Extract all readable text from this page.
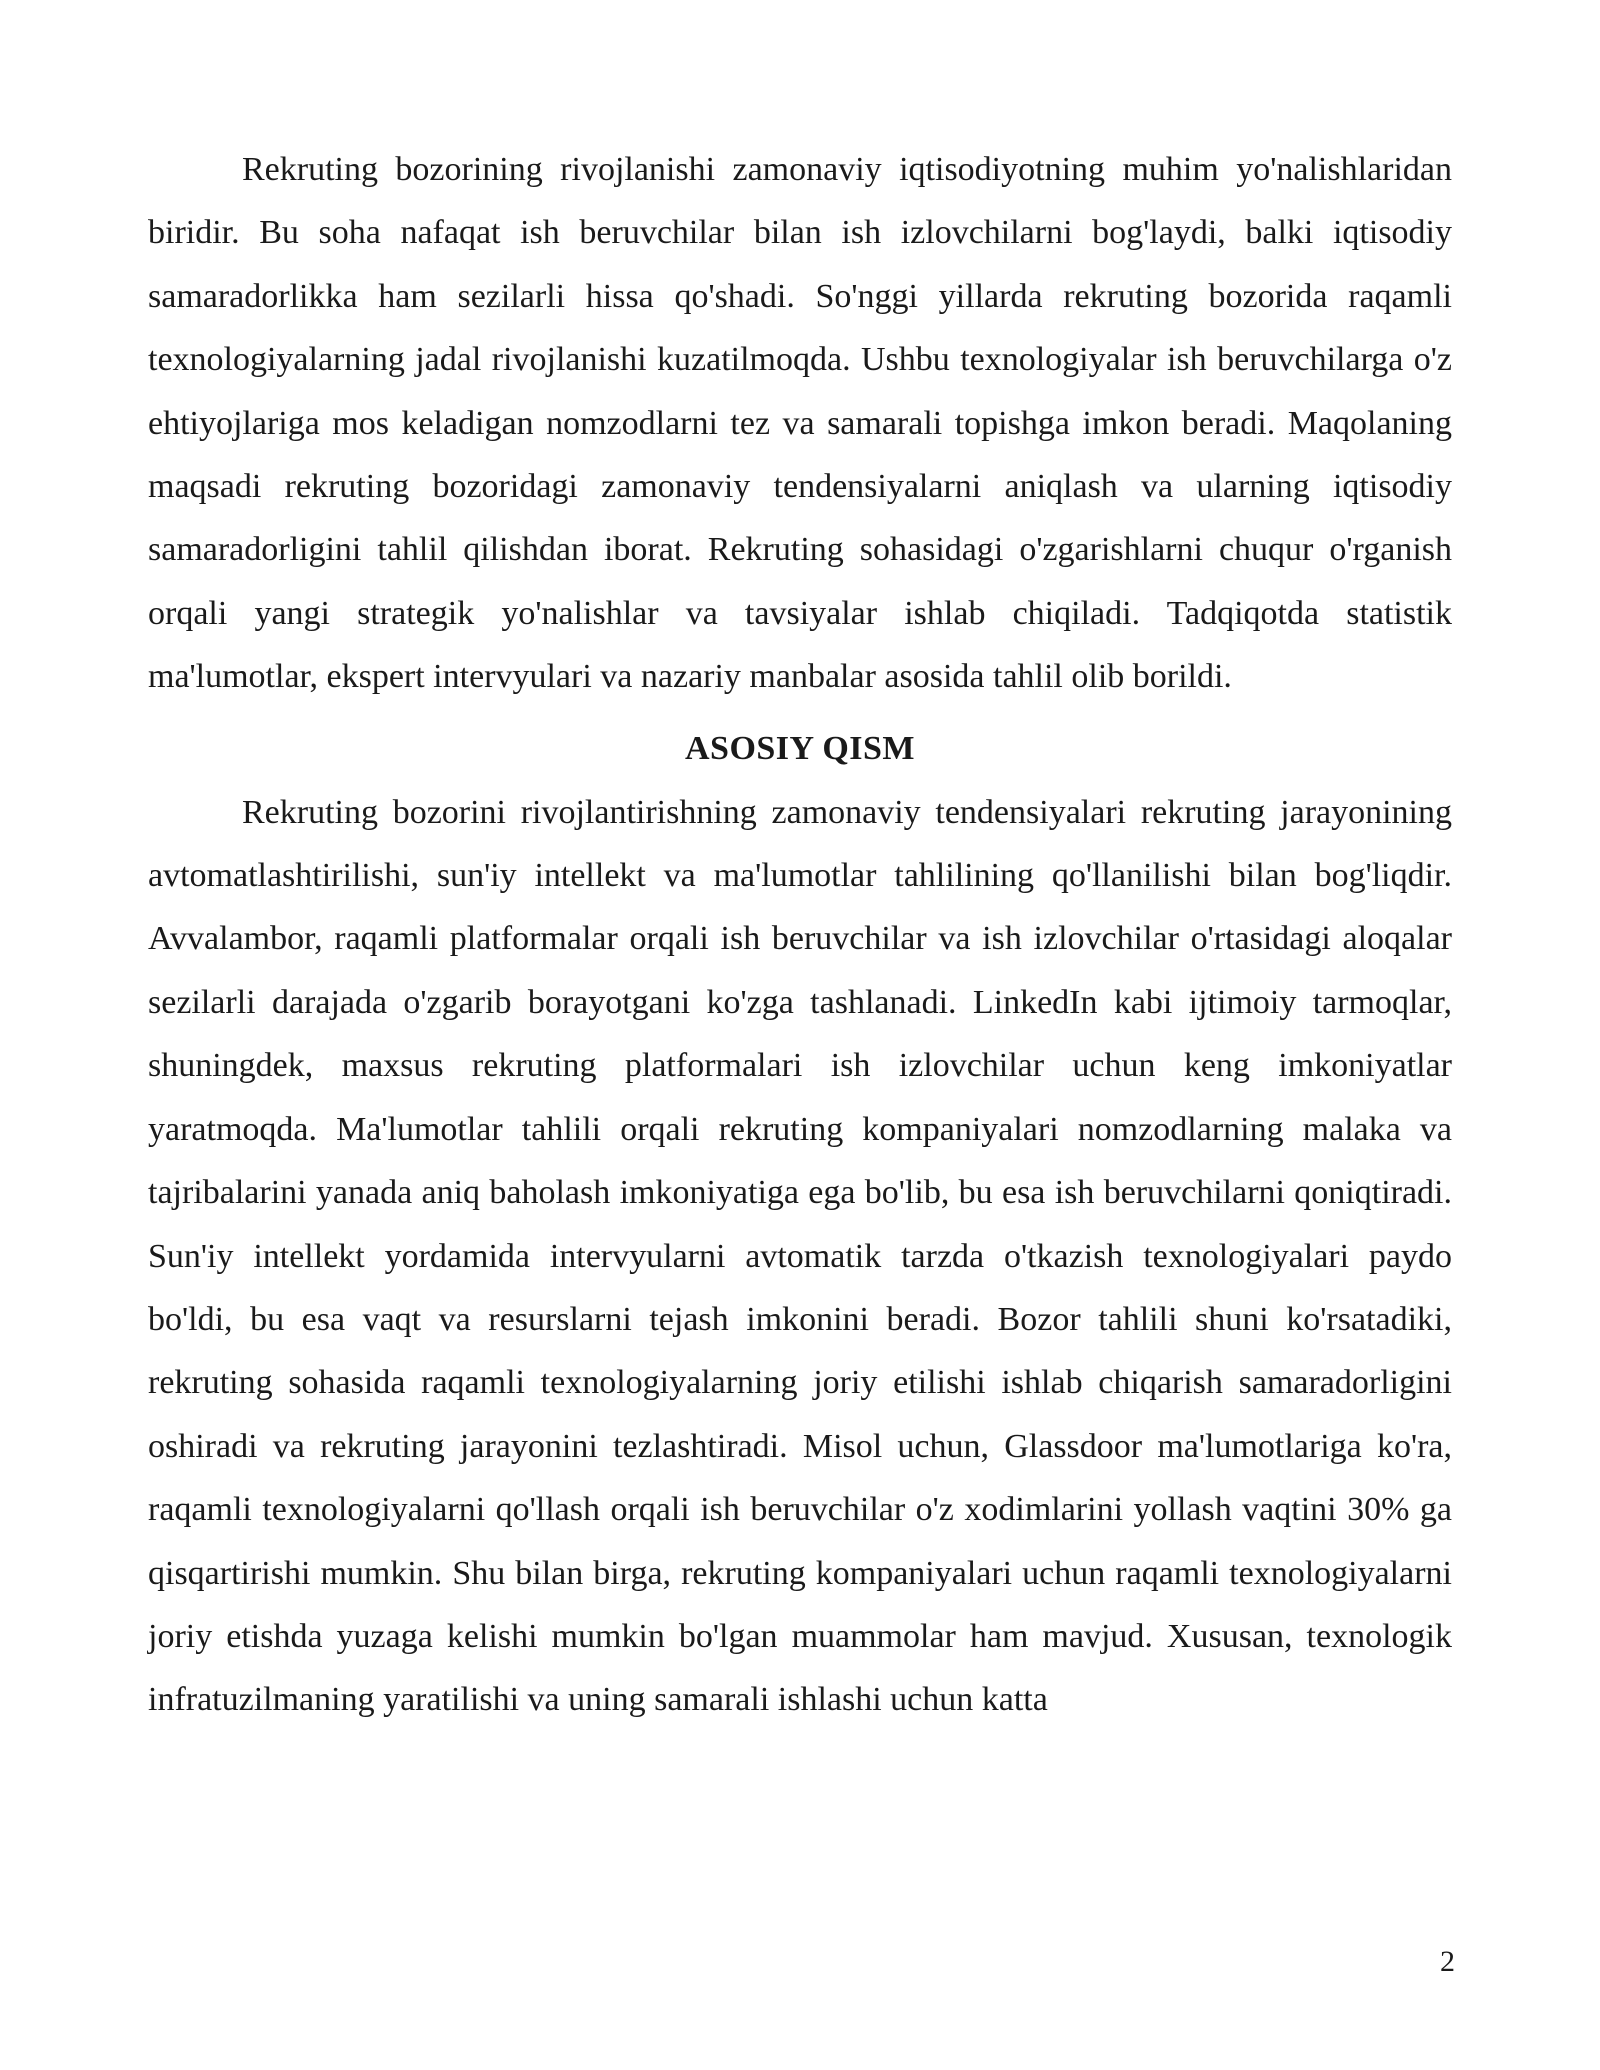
Rekruting bozorining rivojlanishi zamonaviy iqtisodiyotning muhim yo'nalishlaridan biridir. Bu soha nafaqat ish beruvchilar bilan ish izlovchilarni bog'laydi, balki iqtisodiy samaradorlikka ham sezilarli hissa qo'shadi. So'nggi yillarda rekruting bozorida raqamli texnologiyalarning jadal rivojlanishi kuzatilmoqda. Ushbu texnologiyalar ish beruvchilarga o'z ehtiyojlariga mos keladigan nomzodlarni tez va samarali topishga imkon beradi. Maqolaning maqsadi rekruting bozoridagi zamonaviy tendensiyalarni aniqlash va ularning iqtisodiy samaradorligini tahlil qilishdan iborat. Rekruting sohasidagi o'zgarishlarni chuqur o'rganish orqali yangi strategik yo'nalishlar va tavsiyalar ishlab chiqiladi. Tadqiqotda statistik ma'lumotlar, ekspert intervyulari va nazariy manbalar asosida tahlil olib borildi.

ASOSIY QISM

Rekruting bozorini rivojlantirishning zamonaviy tendensiyalari rekruting jarayonining avtomatlashtirilishi, sun'iy intellekt va ma'lumotlar tahlilining qo'llanilishi bilan bog'liqdir. Avvalambor, raqamli platformalar orqali ish beruvchilar va ish izlovchilar o'rtasidagi aloqalar sezilarli darajada o'zgarib borayotgani ko'zga tashlanadi. LinkedIn kabi ijtimoiy tarmoqlar, shuningdek, maxsus rekruting platformalari ish izlovchilar uchun keng imkoniyatlar yaratmoqda. Ma'lumotlar tahlili orqali rekruting kompaniyalari nomzodlarning malaka va tajribalarini yanada aniq baholash imkoniyatiga ega bo'lib, bu esa ish beruvchilarni qoniqtiradi. Sun'iy intellekt yordamida intervyularni avtomatik tarzda o'tkazish texnologiyalari paydo bo'ldi, bu esa vaqt va resurslarni tejash imkonini beradi. Bozor tahlili shuni ko'rsatadiki, rekruting sohasida raqamli texnologiyalarning joriy etilishi ishlab chiqarish samaradorligini oshiradi va rekruting jarayonini tezlashtiradi. Misol uchun, Glassdoor ma'lumotlariga ko'ra, raqamli texnologiyalarni qo'llash orqali ish beruvchilar o'z xodimlarini yollash vaqtini 30% ga qisqartirishi mumkin. Shu bilan birga, rekruting kompaniyalari uchun raqamli texnologiyalarni joriy etishda yuzaga kelishi mumkin bo'lgan muammolar ham mavjud. Xususan, texnologik infratuzilmaning yaratilishi va uning samarali ishlashi uchun katta

2
